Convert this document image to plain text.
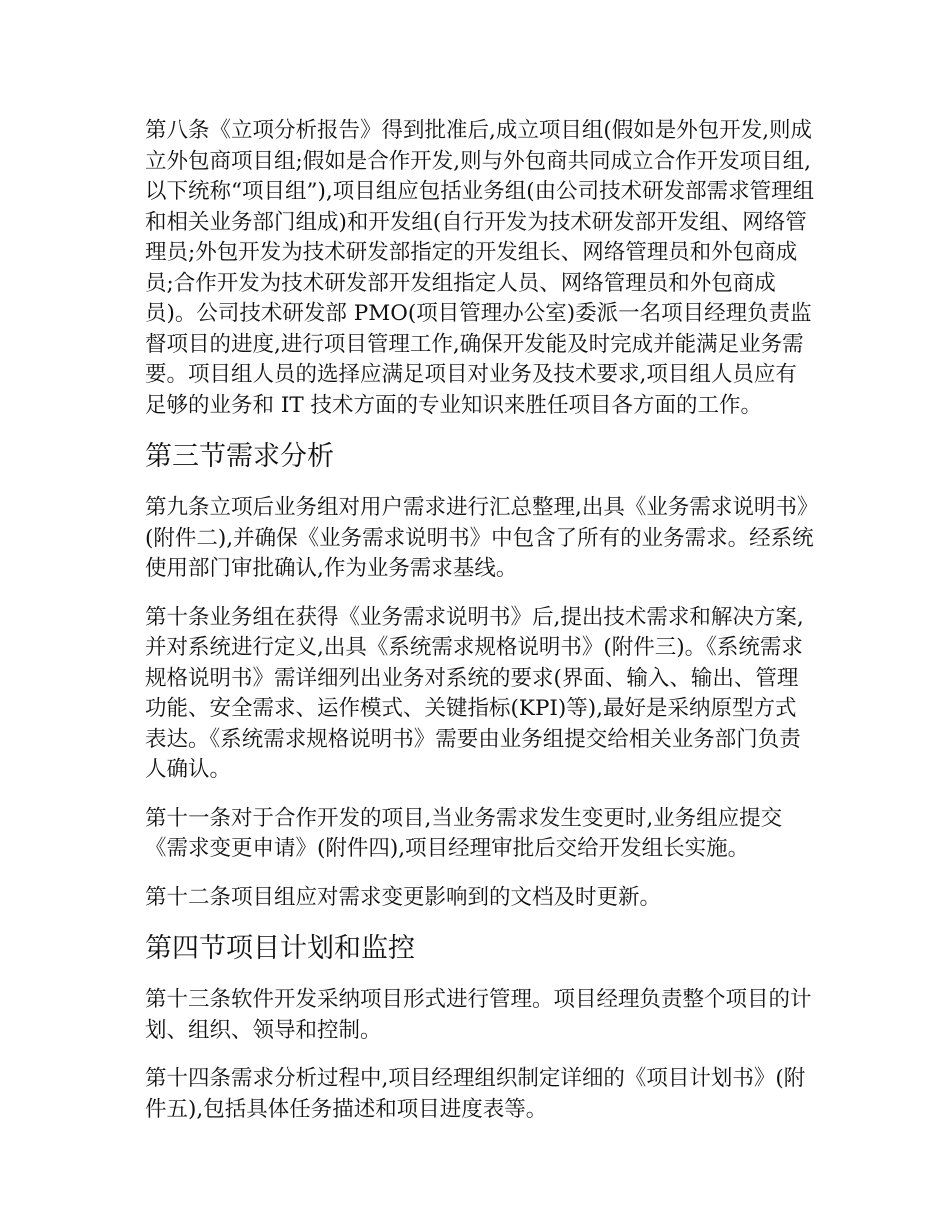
第八条《立项分析报告》得到批准后,成立项目组(假如是外包开发,则成立外包商项目组;假如是合作开发,则与外包商共同成立合作开发项目组,以下统称“项目组”),项目组应包括业务组(由公司技术研发部需求管理组和相关业务部门组成)和开发组(自行开发为技术研发部开发组、网络管理员;外包开发为技术研发部指定的开发组长、网络管理员和外包商成员;合作开发为技术研发部开发组指定人员、网络管理员和外包商成员)。公司技术研发部 PMO(项目管理办公室)委派一名项目经理负责监督项目的进度,进行项目管理工作,确保开发能及时完成并能满足业务需要。项目组人员的选择应满足项目对业务及技术要求,项目组人员应有足够的业务和 IT 技术方面的专业知识来胜任项目各方面的工作。

第三节需求分析

第九条立项后业务组对用户需求进行汇总整理,出具《业务需求说明书》(附件二),并确保《业务需求说明书》中包含了所有的业务需求。经系统使用部门审批确认,作为业务需求基线。

第十条业务组在获得《业务需求说明书》后,提出技术需求和解决方案,并对系统进行定义,出具《系统需求规格说明书》(附件三)。《系统需求规格说明书》需详细列出业务对系统的要求(界面、输入、输出、管理功能、安全需求、运作模式、关键指标(KPI)等),最好是采纳原型方式表达。《系统需求规格说明书》需要由业务组提交给相关业务部门负责人确认。

第十一条对于合作开发的项目,当业务需求发生变更时,业务组应提交《需求变更申请》(附件四),项目经理审批后交给开发组长实施。

第十二条项目组应对需求变更影响到的文档及时更新。

第四节项目计划和监控

第十三条软件开发采纳项目形式进行管理。项目经理负责整个项目的计划、组织、领导和控制。

第十四条需求分析过程中,项目经理组织制定详细的《项目计划书》(附件五),包括具体任务描述和项目进度表等。
